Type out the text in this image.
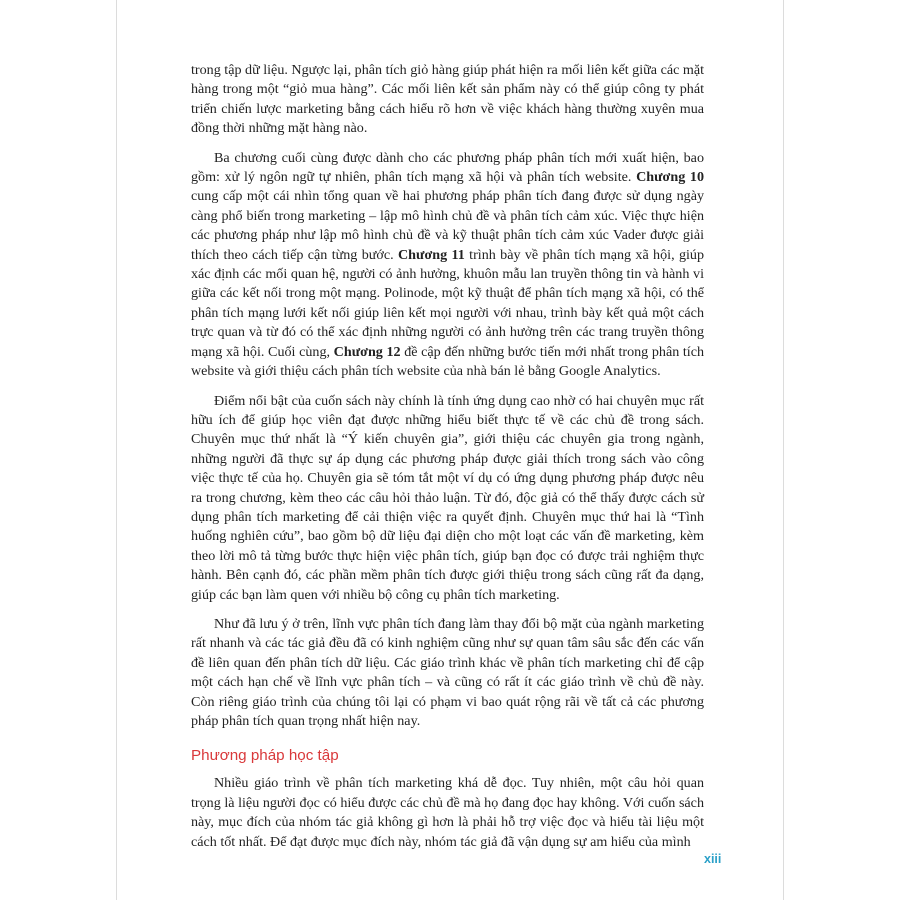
trong tập dữ liệu. Ngược lại, phân tích giỏ hàng giúp phát hiện ra mối liên kết giữa các mặt hàng trong một “giỏ mua hàng”. Các mối liên kết sản phẩm này có thể giúp công ty phát triển chiến lược marketing bằng cách hiểu rõ hơn về việc khách hàng thường xuyên mua đồng thời những mặt hàng nào.

Ba chương cuối cùng được dành cho các phương pháp phân tích mới xuất hiện, bao gồm: xử lý ngôn ngữ tự nhiên, phân tích mạng xã hội và phân tích website. Chương 10 cung cấp một cái nhìn tổng quan về hai phương pháp phân tích đang được sử dụng ngày càng phổ biến trong marketing – lập mô hình chủ đề và phân tích cảm xúc. Việc thực hiện các phương pháp như lập mô hình chủ đề và kỹ thuật phân tích cảm xúc Vader được giải thích theo cách tiếp cận từng bước. Chương 11 trình bày về phân tích mạng xã hội, giúp xác định các mối quan hệ, người có ảnh hưởng, khuôn mẫu lan truyền thông tin và hành vi giữa các kết nối trong một mạng. Polinode, một kỹ thuật để phân tích mạng xã hội, có thể phân tích mạng lưới kết nối giúp liên kết mọi người với nhau, trình bày kết quả một cách trực quan và từ đó có thể xác định những người có ảnh hưởng trên các trang truyền thông mạng xã hội. Cuối cùng, Chương 12 đề cập đến những bước tiến mới nhất trong phân tích website và giới thiệu cách phân tích website của nhà bán lẻ bằng Google Analytics.

Điểm nổi bật của cuốn sách này chính là tính ứng dụng cao nhờ có hai chuyên mục rất hữu ích để giúp học viên đạt được những hiểu biết thực tế về các chủ đề trong sách. Chuyên mục thứ nhất là “Ý kiến chuyên gia”, giới thiệu các chuyên gia trong ngành, những người đã thực sự áp dụng các phương pháp được giải thích trong sách vào công việc thực tế của họ. Chuyên gia sẽ tóm tắt một ví dụ có ứng dụng phương pháp được nêu ra trong chương, kèm theo các câu hỏi thảo luận. Từ đó, độc giả có thể thấy được cách sử dụng phân tích marketing để cải thiện việc ra quyết định. Chuyên mục thứ hai là “Tình huống nghiên cứu”, bao gồm bộ dữ liệu đại diện cho một loạt các vấn đề marketing, kèm theo lời mô tả từng bước thực hiện việc phân tích, giúp bạn đọc có được trải nghiệm thực hành. Bên cạnh đó, các phần mềm phân tích được giới thiệu trong sách cũng rất đa dạng, giúp các bạn làm quen với nhiều bộ công cụ phân tích marketing.

Như đã lưu ý ở trên, lĩnh vực phân tích đang làm thay đổi bộ mặt của ngành marketing rất nhanh và các tác giả đều đã có kinh nghiệm cũng như sự quan tâm sâu sắc đến các vấn đề liên quan đến phân tích dữ liệu. Các giáo trình khác về phân tích marketing chỉ để cập một cách hạn chế về lĩnh vực phân tích – và cũng có rất ít các giáo trình về chủ đề này. Còn riêng giáo trình của chúng tôi lại có phạm vi bao quát rộng rãi về tất cả các phương pháp phân tích quan trọng nhất hiện nay.

Phương pháp học tập

Nhiều giáo trình về phân tích marketing khá dễ đọc. Tuy nhiên, một câu hỏi quan trọng là liệu người đọc có hiểu được các chủ đề mà họ đang đọc hay không. Với cuốn sách này, mục đích của nhóm tác giả không gì hơn là phải hỗ trợ việc đọc và hiểu tài liệu một cách tốt nhất. Để đạt được mục đích này, nhóm tác giả đã vận dụng sự am hiểu của mình

xiii
